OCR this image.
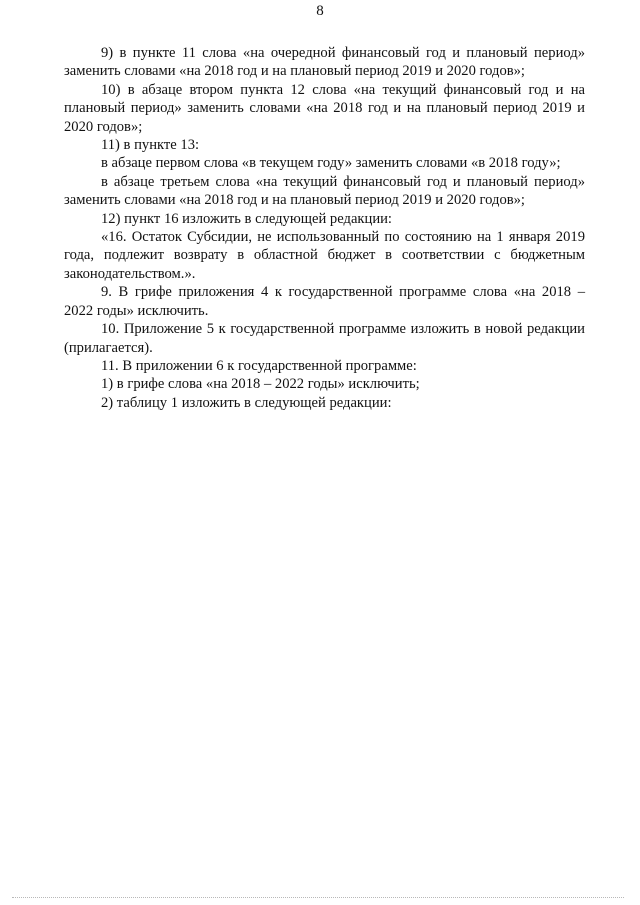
8

9) в пункте 11 слова «на очередной финансовый год и плановый период» заменить словами «на 2018 год и на плановый период 2019 и 2020 годов»;

10) в абзаце втором пункта 12 слова «на текущий финансовый год и на плановый период» заменить словами «на 2018 год и на плановый период 2019 и 2020 годов»;

11) в пункте 13:

в абзаце первом слова «в текущем году» заменить словами «в 2018 году»;

в абзаце третьем слова «на текущий финансовый год и плановый период» заменить словами «на 2018 год и на плановый период 2019 и 2020 годов»;

12) пункт 16 изложить в следующей редакции:

«16. Остаток Субсидии, не использованный по состоянию на 1 января 2019 года, подлежит возврату в областной бюджет в соответствии с бюджетным законодательством.».

9. В грифе приложения 4 к государственной программе слова «на 2018 – 2022 годы» исключить.

10. Приложение 5 к государственной программе изложить в новой редакции (прилагается).

11. В приложении 6 к государственной программе:

1) в грифе слова «на 2018 – 2022 годы» исключить;

2) таблицу 1 изложить в следующей редакции:
